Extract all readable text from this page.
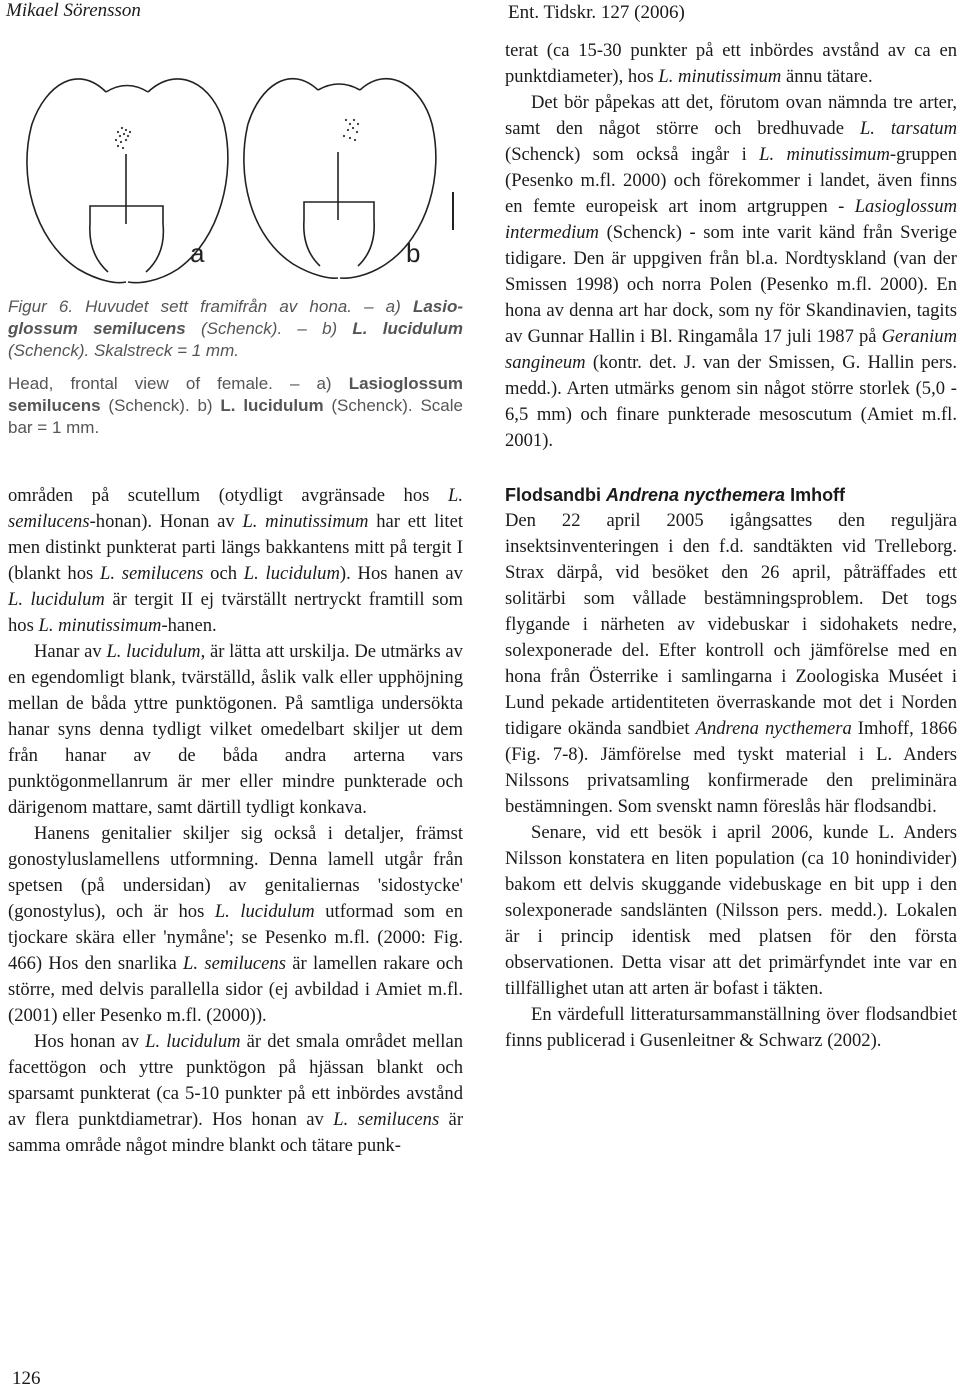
Mikael Sörensson	Ent. Tidskr. 127 (2006)
a	b
Figur 6. Huvudet sett framifrån av hona. – a) Lasio-glossum semilucens (Schenck). – b) L. lucidulum (Schenck). Skalstreck = 1 mm.
Head, frontal view of female. – a) Lasioglossum semilucens (Schenck). b) L. lucidulum (Schenck). Scale bar = 1 mm.

områden på scutellum (otydligt avgränsade hos L. semilucens-honan). Honan av L. minutissimum har ett litet men distinkt punkterat parti längs bakkantens mitt på tergit I (blankt hos L. semilucens och L. lucidulum). Hos hanen av L. lucidulum är tergit II ej tvärställt nertryckt framtill som hos L. minutissimum-hanen.

Hanar av L. lucidulum, är lätta att urskilja. De utmärks av en egendomligt blank, tvärställd, åslik valk eller upphöjning mellan de båda yttre punktögonen. På samtliga undersökta hanar syns denna tydligt vilket omedelbart skiljer ut dem från hanar av de båda andra arterna vars punktögonmellanrum är mer eller mindre punkterade och därigenom mattare, samt därtill tydligt konkava.

Hanens genitalier skiljer sig också i detaljer, främst gonostyluslamellens utformning. Denna lamell utgår från spetsen (på undersidan) av genitaliernas 'sidostycke' (gonostylus), och är hos L. lucidulum utformad som en tjockare skära eller 'nymåne'; se Pesenko m.fl. (2000: Fig. 466) Hos den snarlika L. semilucens är lamellen rakare och större, med delvis parallella sidor (ej avbildad i Amiet m.fl. (2001) eller Pesenko m.fl. (2000)).

Hos honan av L. lucidulum är det smala området mellan facettögon och yttre punktögon på hjässan blankt och sparsamt punkterat (ca 5-10 punkter på ett inbördes avstånd av flera punktdiametrar). Hos honan av L. semilucens är samma område något mindre blankt och tätare punk-

terat (ca 15-30 punkter på ett inbördes avstånd av ca en punktdiameter), hos L. minutissimum ännu tätare.

Det bör påpekas att det, förutom ovan nämnda tre arter, samt den något större och bredhuvade L. tarsatum (Schenck) som också ingår i L. minutissimum-gruppen (Pesenko m.fl. 2000) och förekommer i landet, även finns en femte europeisk art inom artgruppen - Lasioglossum intermedium (Schenck) - som inte varit känd från Sverige tidigare. Den är uppgiven från bl.a. Nordtyskland (van der Smissen 1998) och norra Polen (Pesenko m.fl. 2000). En hona av denna art har dock, som ny för Skandinavien, tagits av Gunnar Hallin i Bl. Ringamåla 17 juli 1987 på Geranium sangineum (kontr. det. J. van der Smissen, G. Hallin pers. medd.). Arten utmärks genom sin något större storlek (5,0 - 6,5 mm) och finare punkterade mesoscutum (Amiet m.fl. 2001).

Flodsandbi Andrena nycthemera Imhoff

Den 22 april 2005 igångsattes den reguljära insektsinventeringen i den f.d. sandtäkten vid Trelleborg. Strax därpå, vid besöket den 26 april, påträffades ett solitärbi som vållade bestämningsproblem. Det togs flygande i närheten av videbuskar i sidohakets nedre, solexponerade del. Efter kontroll och jämförelse med en hona från Österrike i samlingarna i Zoologiska Muséet i Lund pekade artidentiteten överraskande mot det i Norden tidigare okända sandbiet Andrena nycthemera Imhoff, 1866 (Fig. 7-8). Jämförelse med tyskt material i L. Anders Nilssons privatsamling konfirmerade den preliminära bestämningen. Som svenskt namn föreslås här flodsandbi.

Senare, vid ett besök i april 2006, kunde L. Anders Nilsson konstatera en liten population (ca 10 honindivider) bakom ett delvis skuggande videbuskage en bit upp i den solexponerade sandslänten (Nilsson pers. medd.). Lokalen är i princip identisk med platsen för den första observationen. Detta visar att det primärfyndet inte var en tillfällighet utan att arten är bofast i täkten.

En värdefull litteratursammanställning över flodsandbiet finns publicerad i Gusenleitner & Schwarz (2002).

126
